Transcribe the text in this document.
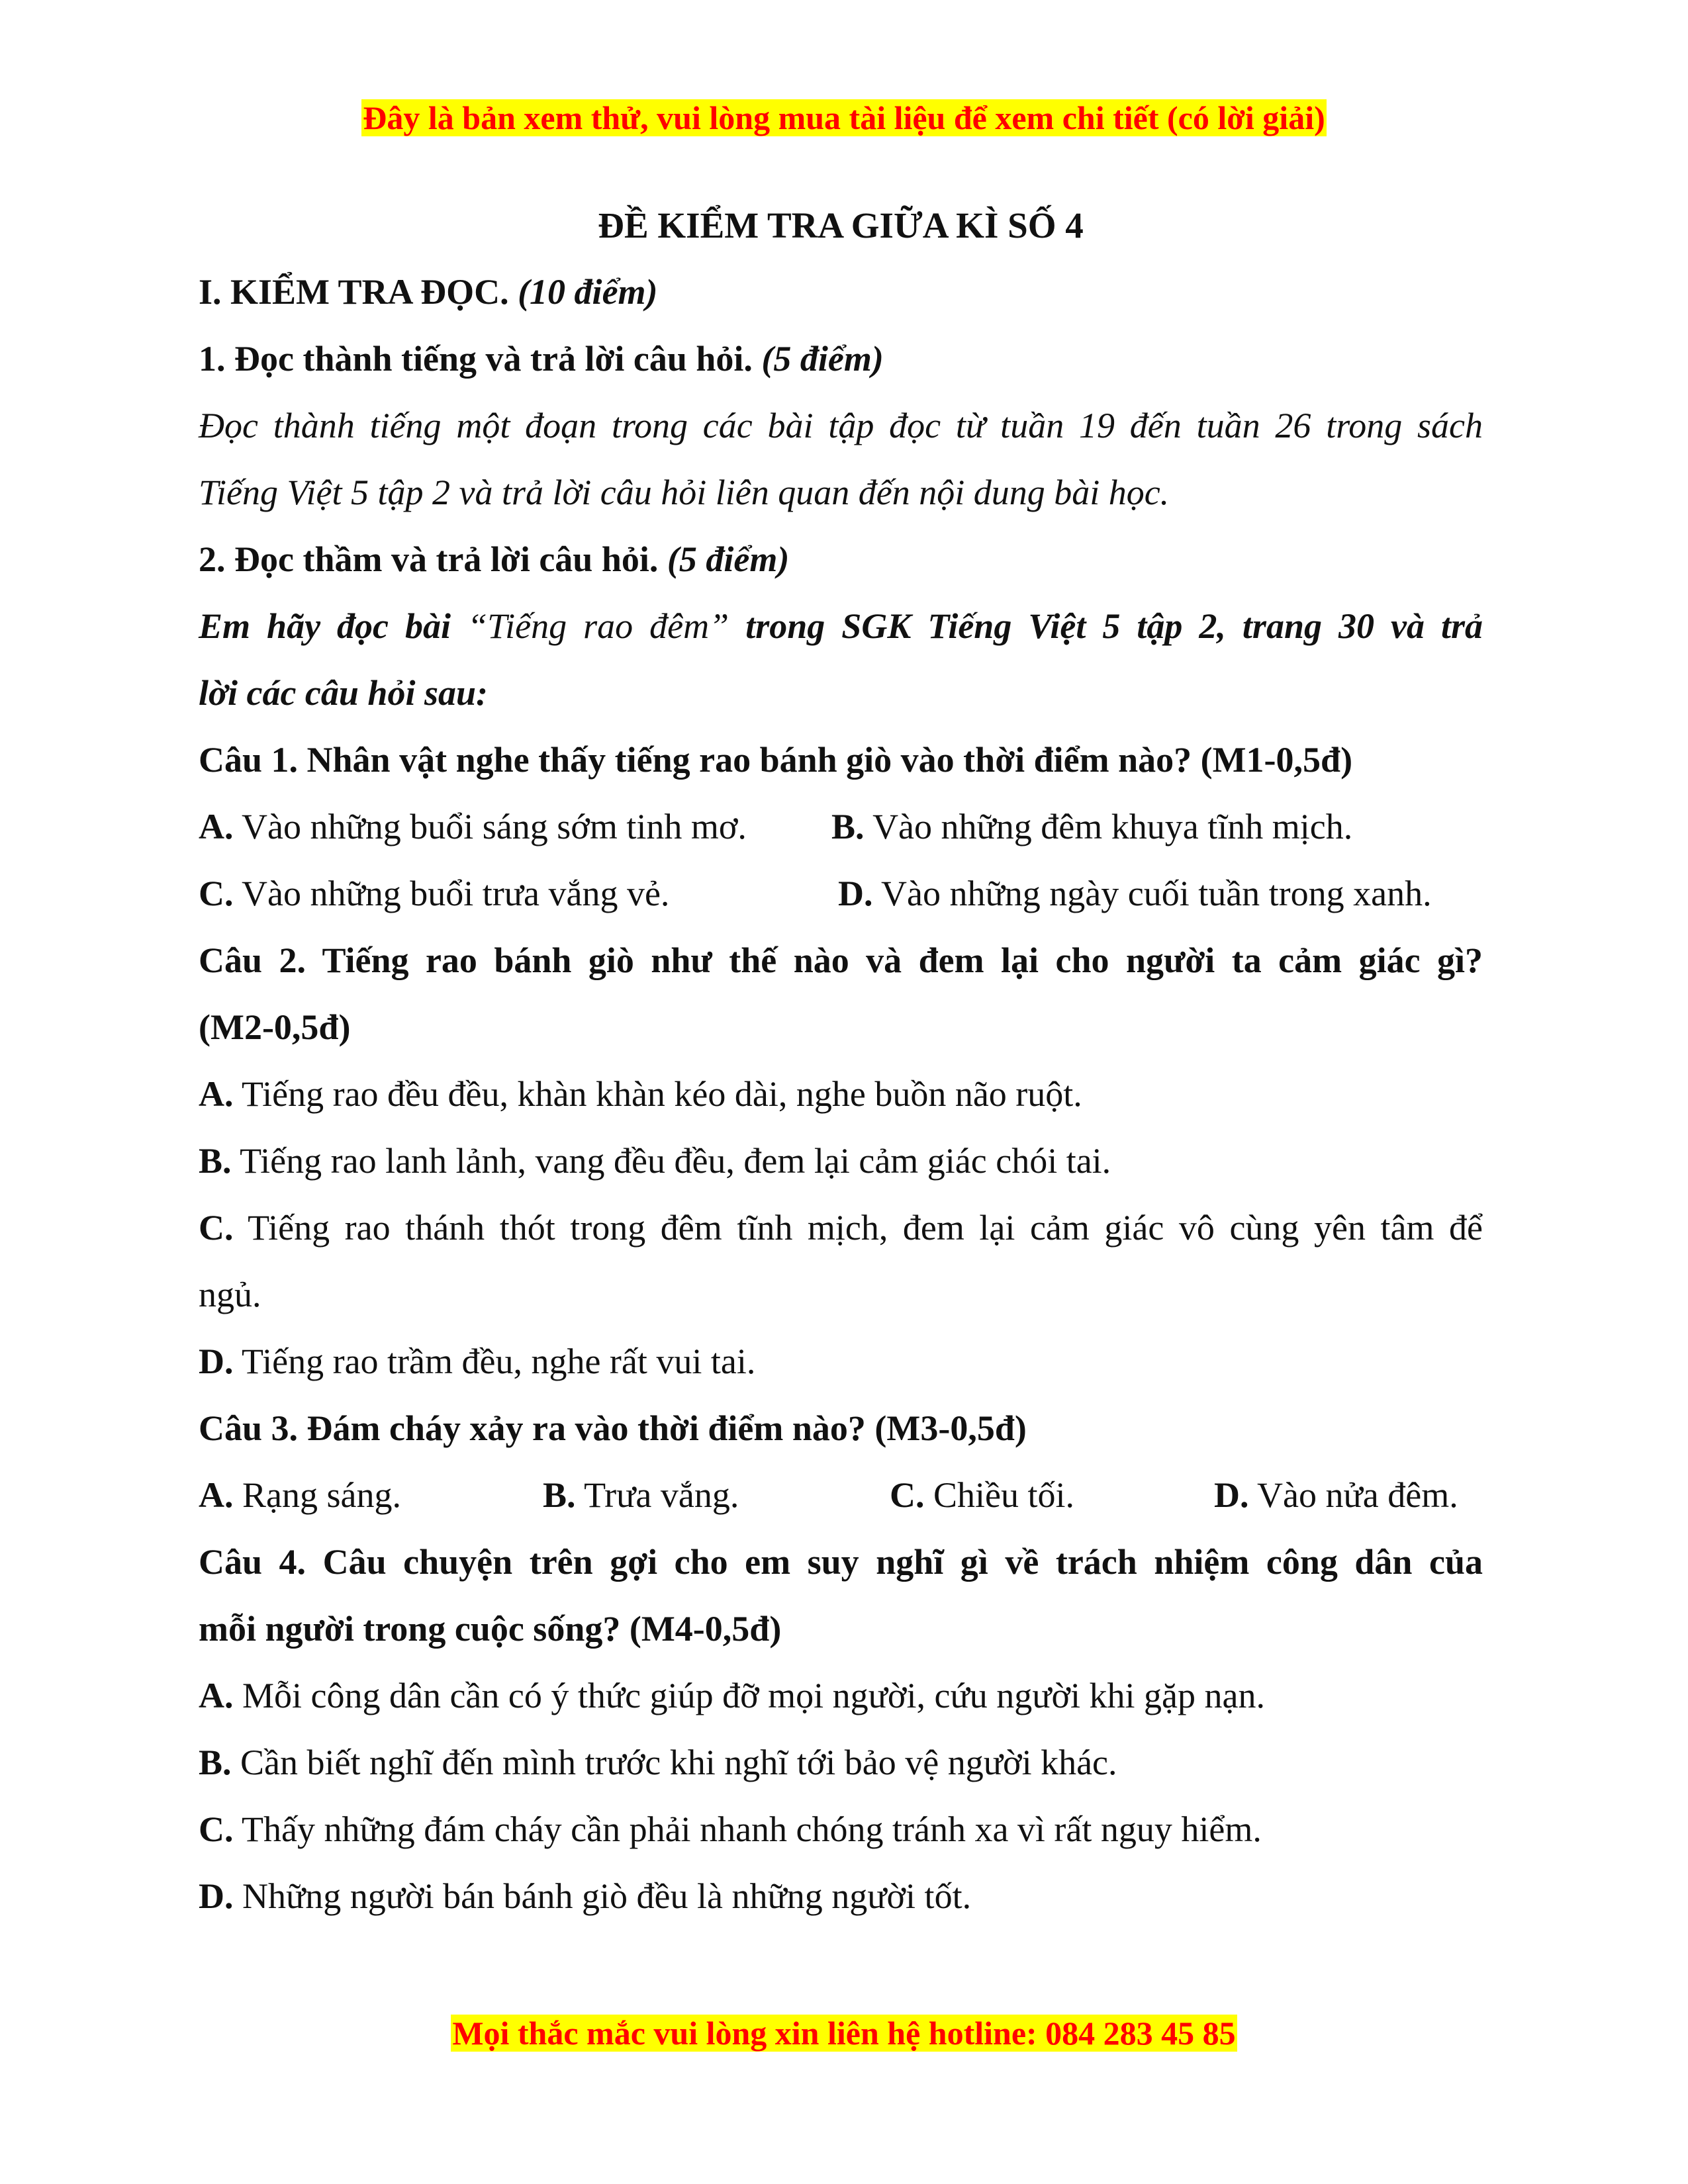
Đây là bản xem thử, vui lòng mua tài liệu để xem chi tiết (có lời giải)
ĐỀ KIỂM TRA GIỮA KÌ SỐ 4
I. KIỂM TRA ĐỌC. (10 điểm)
1. Đọc thành tiếng và trả lời câu hỏi. (5 điểm)
Đọc thành tiếng một đoạn trong các bài tập đọc từ tuần 19 đến tuần 26 trong sách
Tiếng Việt 5 tập 2 và trả lời câu hỏi liên quan đến nội dung bài học.
2. Đọc thầm và trả lời câu hỏi. (5 điểm)
Em hãy đọc bài “Tiếng rao đêm” trong SGK Tiếng Việt 5 tập 2, trang 30 và trả
lời các câu hỏi sau:
Câu 1. Nhân vật nghe thấy tiếng rao bánh giò vào thời điểm nào? (M1-0,5đ)
A. Vào những buổi sáng sớm tinh mơ.	B. Vào những đêm khuya tĩnh mịch.
C. Vào những buổi trưa vắng vẻ.	D. Vào những ngày cuối tuần trong xanh.
Câu 2. Tiếng rao bánh giò như thế nào và đem lại cho người ta cảm giác gì?
(M2-0,5đ)
A. Tiếng rao đều đều, khàn khàn kéo dài, nghe buồn não ruột.
B. Tiếng rao lanh lảnh, vang đều đều, đem lại cảm giác chói tai.
C. Tiếng rao thánh thót trong đêm tĩnh mịch, đem lại cảm giác vô cùng yên tâm để
ngủ.
D. Tiếng rao trầm đều, nghe rất vui tai.
Câu 3. Đám cháy xảy ra vào thời điểm nào? (M3-0,5đ)
A. Rạng sáng.	B. Trưa vắng.	C. Chiều tối.	D. Vào nửa đêm.
Câu 4. Câu chuyện trên gợi cho em suy nghĩ gì về trách nhiệm công dân của
mỗi người trong cuộc sống? (M4-0,5đ)
A. Mỗi công dân cần có ý thức giúp đỡ mọi người, cứu người khi gặp nạn.
B. Cần biết nghĩ đến mình trước khi nghĩ tới bảo vệ người khác.
C. Thấy những đám cháy cần phải nhanh chóng tránh xa vì rất nguy hiểm.
D. Những người bán bánh giò đều là những người tốt.
Mọi thắc mắc vui lòng xin liên hệ hotline: 084 283 45 85
